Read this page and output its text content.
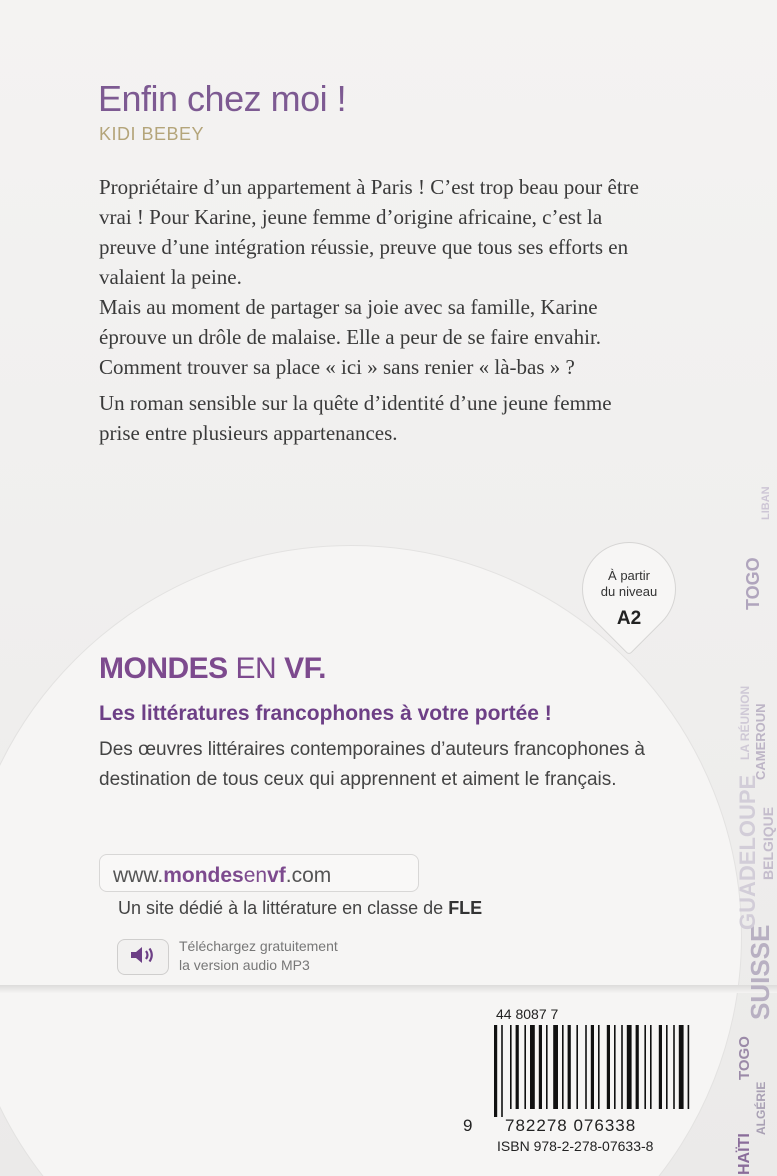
Enfin chez moi !
KIDI BEBEY

Propriétaire d’un appartement à Paris ! C’est trop beau pour être vrai ! Pour Karine, jeune femme d’origine africaine, c’est la preuve d’une intégration réussie, preuve que tous ses efforts en valaient la peine.

Mais au moment de partager sa joie avec sa famille, Karine éprouve un drôle de malaise. Elle a peur de se faire envahir. Comment trouver sa place « ici » sans renier « là-bas » ?

Un roman sensible sur la quête d’identité d’une jeune femme prise entre plusieurs appartenances.

À partir
du niveau
A2
MONDES EN VF.
Les littératures francophones à votre portée !
Des œuvres littéraires contemporaines d’auteurs francophones à destination de tous ceux qui apprennent et aiment le français.
www.mondesenvf.com
Un site dédié à la littérature en classe de FLE
Téléchargez gratuitement
la version audio MP3
44 8087 7
9 782278 076338
ISBN 978-2-278-07633-8	HAÏTI
ALGÉRIE
TOGO
SUISSE
GUADELOUPE BELGIQUE
CAMEROUN
LA RÉUNION
TOGO
LIBAN
